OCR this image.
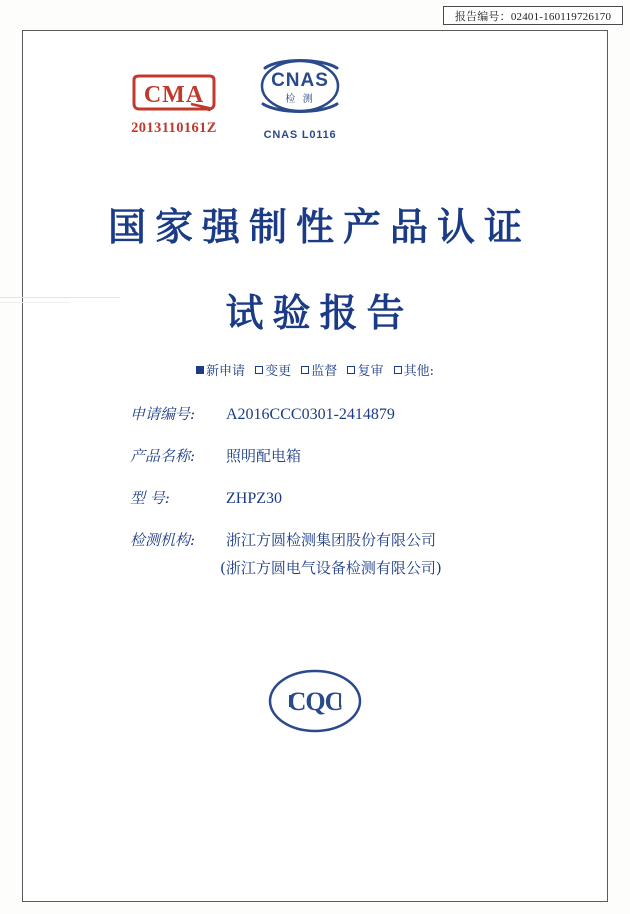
报告编号：02401-160119726170
CMA
2013110161Z
CNAS
检 测
CNAS L0116
国家强制性产品认证
试验报告
新申请 变更 监督 复审 其他:
申请编号:	A2016CCC0301-2414879
产品名称:	照明配电箱
型 号:	ZHPZ30
检测机构:	浙江方圆检测集团股份有限公司
(浙江方圆电气设备检测有限公司)
CQC
